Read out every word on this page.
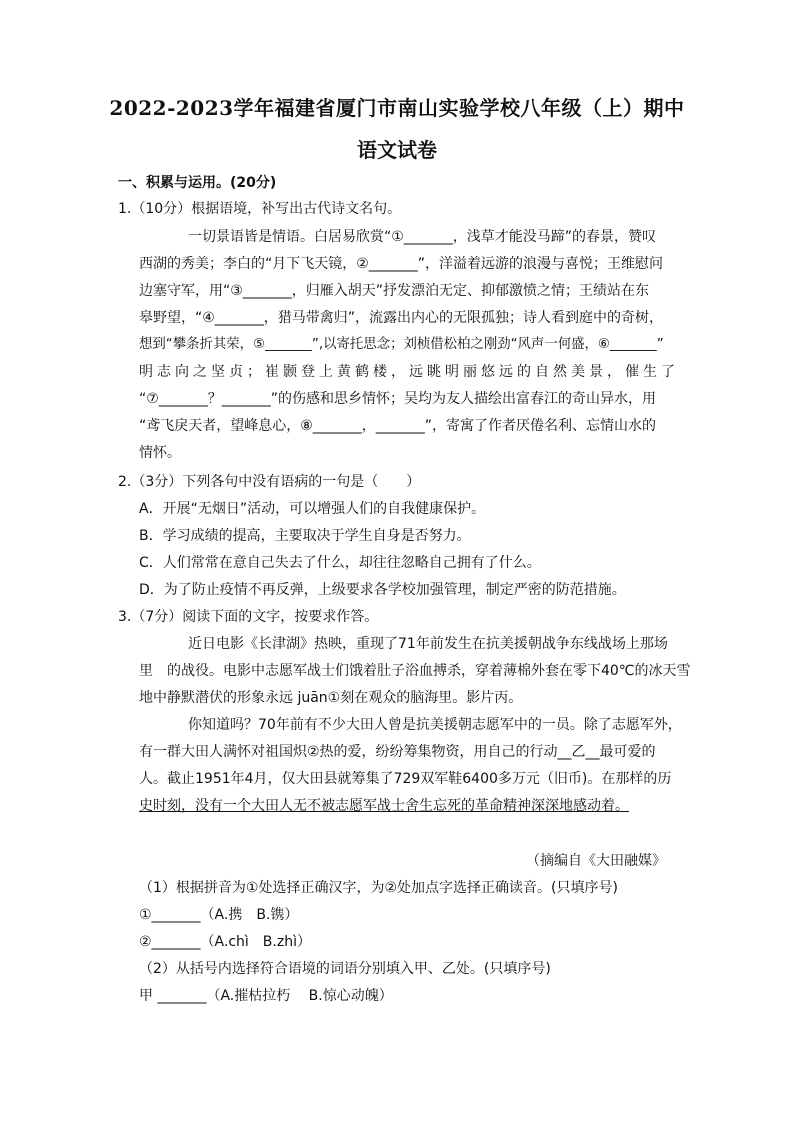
2022-2023学年福建省厦门市南山实验学校八年级（上）期中
语文试卷
一、积累与运用。(20分)
1.（10分）根据语境，补写出古代诗文名句。
一切景语皆是情语。白居易欣赏“①_______，浅草才能没马蹄”的春景，赞叹
西湖的秀美；李白的“月下飞天镜，②_______”，洋溢着远游的浪漫与喜悦；王维慰问
边塞守军，用“③_______，归雁入胡天”抒发漂泊无定、抑郁激愤之情；王绩站在东
皋野望，“④_______，猎马带禽归”，流露出内心的无限孤独；诗人看到庭中的奇树，
想到“攀条折其荣，⑤_______”,以寄托思念；刘桢借松柏之刚劲“风声一何盛，⑥_______”
明志向之坚贞；崔颢登上黄鹤楼，远眺明丽悠远的自然美景，催生了
“⑦_______？_______”的伤感和思乡情怀；吴均为友人描绘出富春江的奇山异水，用
“鸢飞戾天者，望峰息心，⑧_______，_______”，寄寓了作者厌倦名利、忘情山水的
情怀。
2.（3分）下列各句中没有语病的一句是（　　）
A．开展“无烟日”活动，可以增强人们的自我健康保护。
B．学习成绩的提高，主要取决于学生自身是否努力。
C．人们常常在意自己失去了什么，却往往忽略自己拥有了什么。
D．为了防止疫情不再反弹，上级要求各学校加强管理，制定严密的防范措施。
3.（7分）阅读下面的文字，按要求作答。
近日电影《长津湖》热映，重现了71年前发生在抗美援朝战争东线战场上那场
里　的战役。电影中志愿军战士们饿着肚子浴血搏杀，穿着薄棉外套在零下40℃的冰天雪
地中静默潜伏的形象永远 juān①刻在观众的脑海里。影片丙。
你知道吗？70年前有不少大田人曾是抗美援朝志愿军中的一员。除了志愿军外，
有一群大田人满怀对祖国炽②热的爱，纷纷筹集物资，用自己的行动__乙__最可爱的
人。截止1951年4月，仅大田县就筹集了729双军鞋6400多万元（旧币)。在那样的历
史时刻，没有一个大田人无不被志愿军战士舍生忘死的革命精神深深地感动着。
（摘编自《大田融媒》
（1）根据拼音为①处选择正确汉字，为②处加点字选择正确读音。(只填序号)
①_______（A.携　B.镌）
②_______（A.chì　B.zhì）
（2）从括号内选择符合语境的词语分别填入甲、乙处。(只填序号)
甲 _______（A.摧枯拉朽　 B.惊心动魄）
